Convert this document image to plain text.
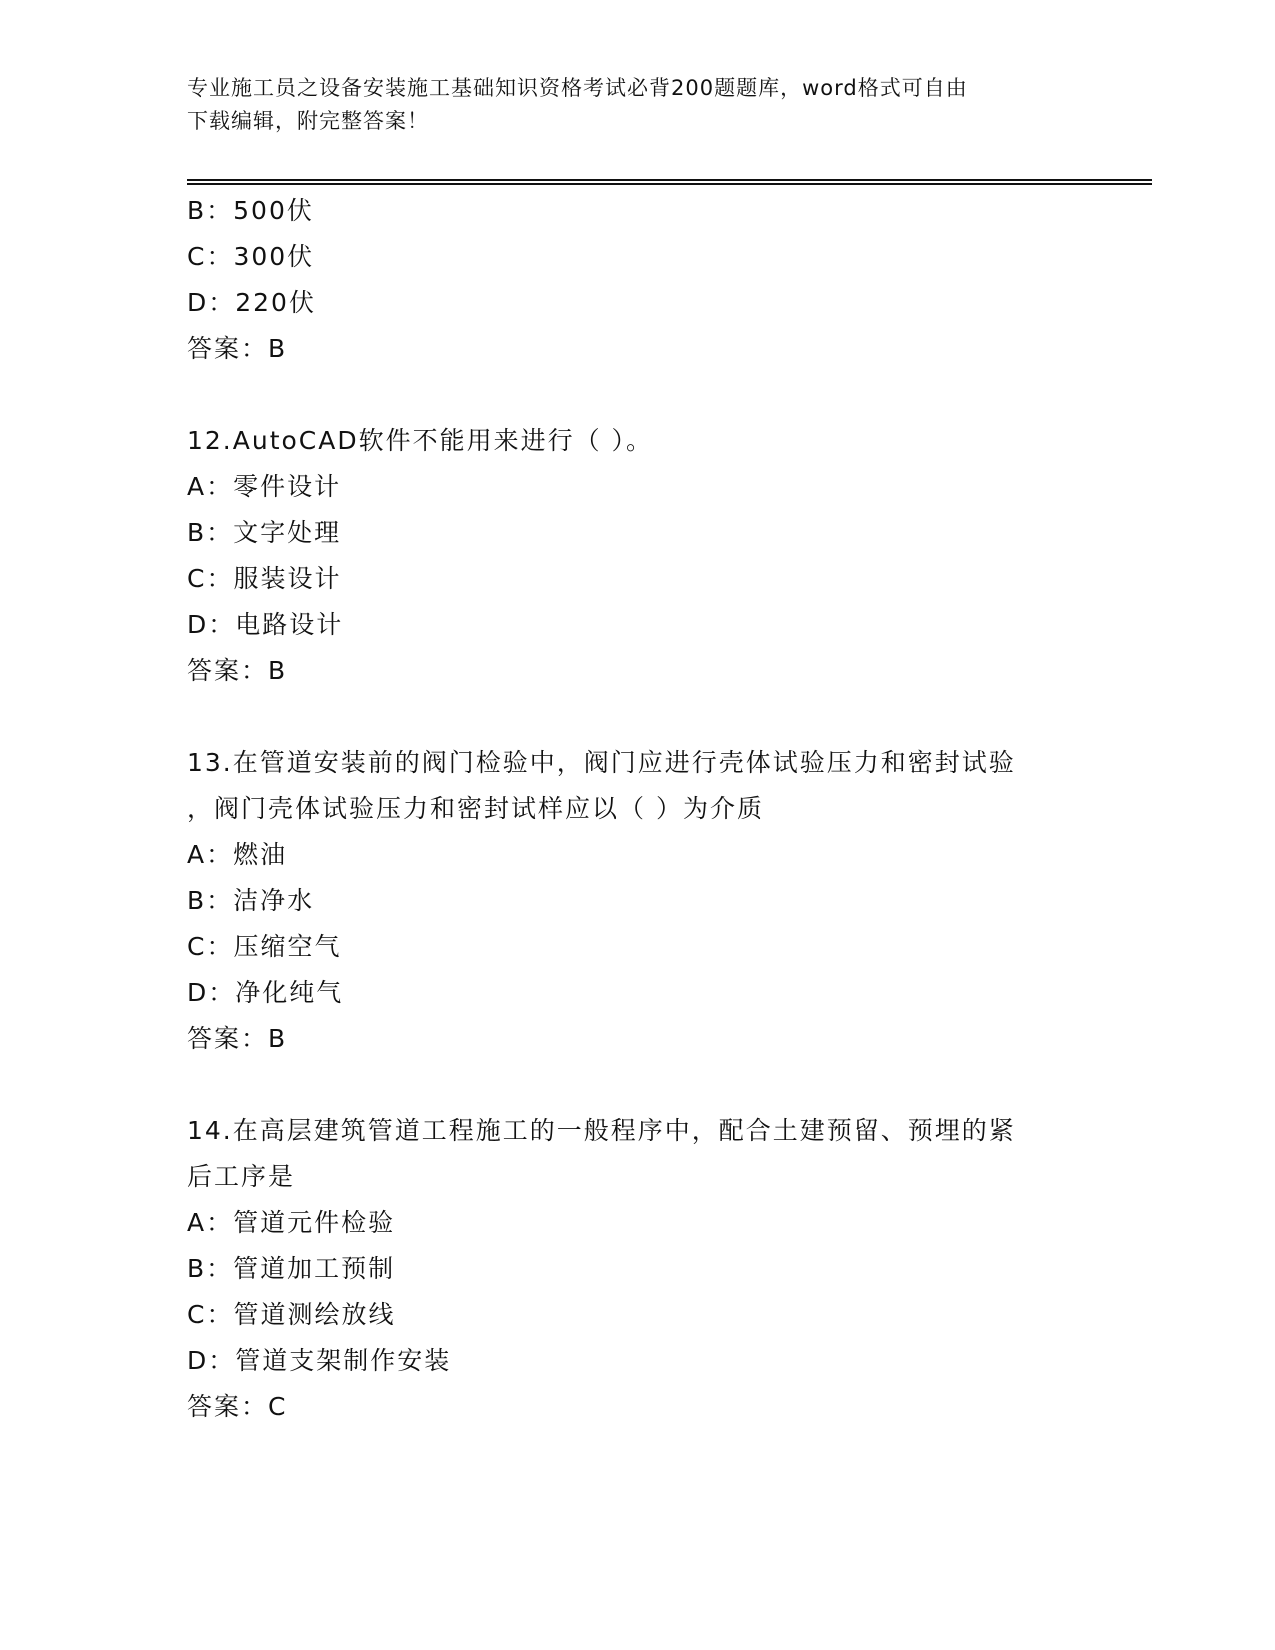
专业施工员之设备安装施工基础知识资格考试必背200题题库，word格式可自由
下载编辑，附完整答案！
B：500伏
C：300伏
D：220伏
答案：B
12.AutoCAD软件不能用来进行（ ）。
A：零件设计
B：文字处理
C：服装设计
D：电路设计
答案：B
13.在管道安装前的阀门检验中，阀门应进行壳体试验压力和密封试验
，阀门壳体试验压力和密封试样应以（ ）为介质
A：燃油
B：洁净水
C：压缩空气
D：净化纯气
答案：B
14.在高层建筑管道工程施工的一般程序中，配合土建预留、预埋的紧
后工序是
A：管道元件检验
B：管道加工预制
C：管道测绘放线
D：管道支架制作安装
答案：C
